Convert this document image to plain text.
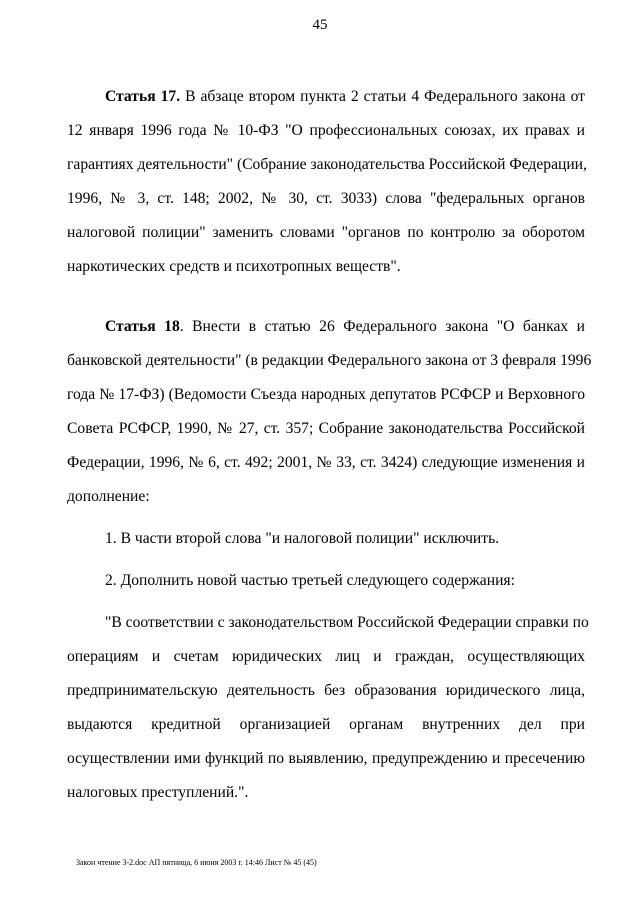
45
Статья 17. В абзаце втором пункта 2 статьи 4 Федерального закона от
12 января 1996 года № 10-ФЗ "О профессиональных союзах, их правах и
гарантиях деятельности" (Собрание законодательства Российской Федерации,
1996, № 3, ст. 148; 2002, № 30, ст. 3033) слова "федеральных органов
налоговой полиции" заменить словами "органов по контролю за оборотом
наркотических средств и психотропных веществ".
Статья 18. Внести в статью 26 Федерального закона "О банках и
банковской деятельности" (в редакции Федерального закона от 3 февраля 1996
года № 17-ФЗ) (Ведомости Съезда народных депутатов РСФСР и Верховного
Совета РСФСР, 1990, № 27, ст. 357; Собрание законодательства Российской
Федерации, 1996, № 6, ст. 492; 2001, № 33, ст. 3424) следующие изменения и
дополнение:
1. В части второй слова "и налоговой полиции" исключить.
2. Дополнить новой частью третьей следующего содержания:
"В соответствии с законодательством Российской Федерации справки по
операциям и счетам юридических лиц и граждан, осуществляющих
предпринимательскую деятельность без образования юридического лица,
выдаются кредитной организацией органам внутренних дел при
осуществлении ими функций по выявлению, предупреждению и пресечению
налоговых преступлений.".
Закон чтение 3-2.doc АП пятница, 6 июня 2003 г. 14:46 Лист № 45 (45)
